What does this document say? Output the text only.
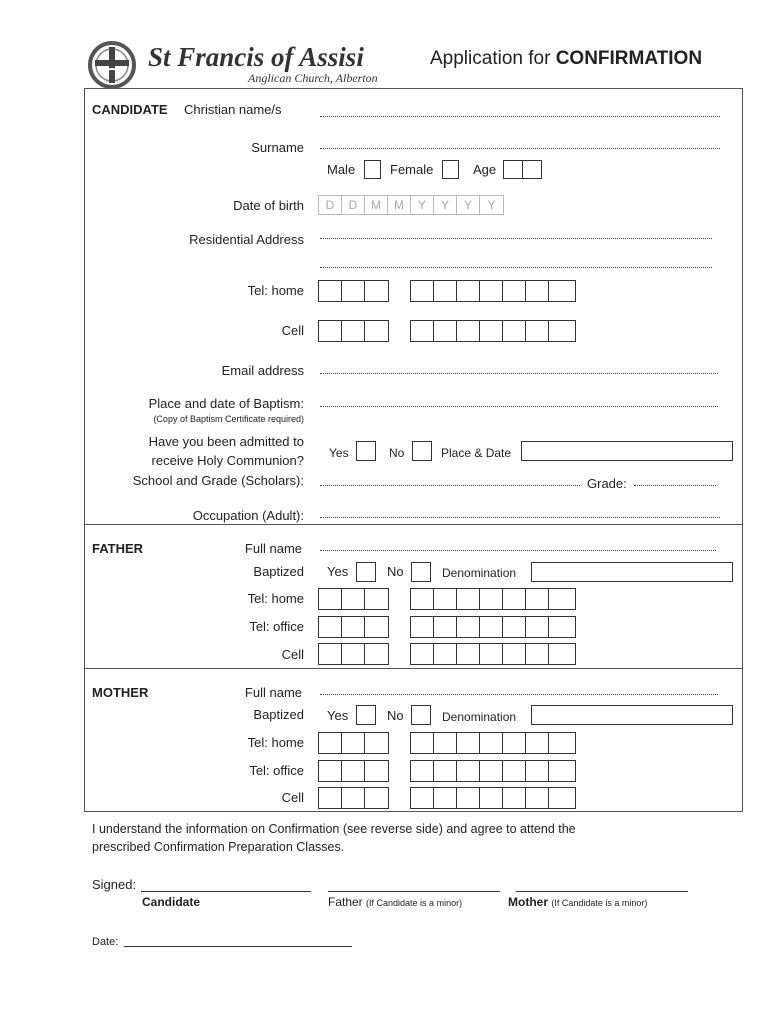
St Francis of Assisi
Anglican Church, Alberton
Application for CONFIRMATION
CANDIDATE Christian name/s
Surname
Male	Female	Age
Date of birth	D	D	M	M	Y	Y	Y	Y
Residential Address
Tel: home
Cell
Email address
Place and date of Baptism:
(Copy of Baptism Certificate required)
Have you been admitted to
receive Holy Communion? Yes	No	Place & Date
School and Grade (Scholars):	Grade:
Occupation (Adult):
FATHER	Full name
Baptized Yes	No	Denomination
Tel: home
Tel: office
Cell
MOTHER	Full name
Baptized Yes	No	Denomination
Tel: home
Tel: office
Cell
I understand the information on Confirmation (see reverse side) and agree to attend the
prescribed Confirmation Preparation Classes.
Signed:
Candidate	Father (If Candidate is a minor)	Mother (If Candidate is a minor)
Date:
